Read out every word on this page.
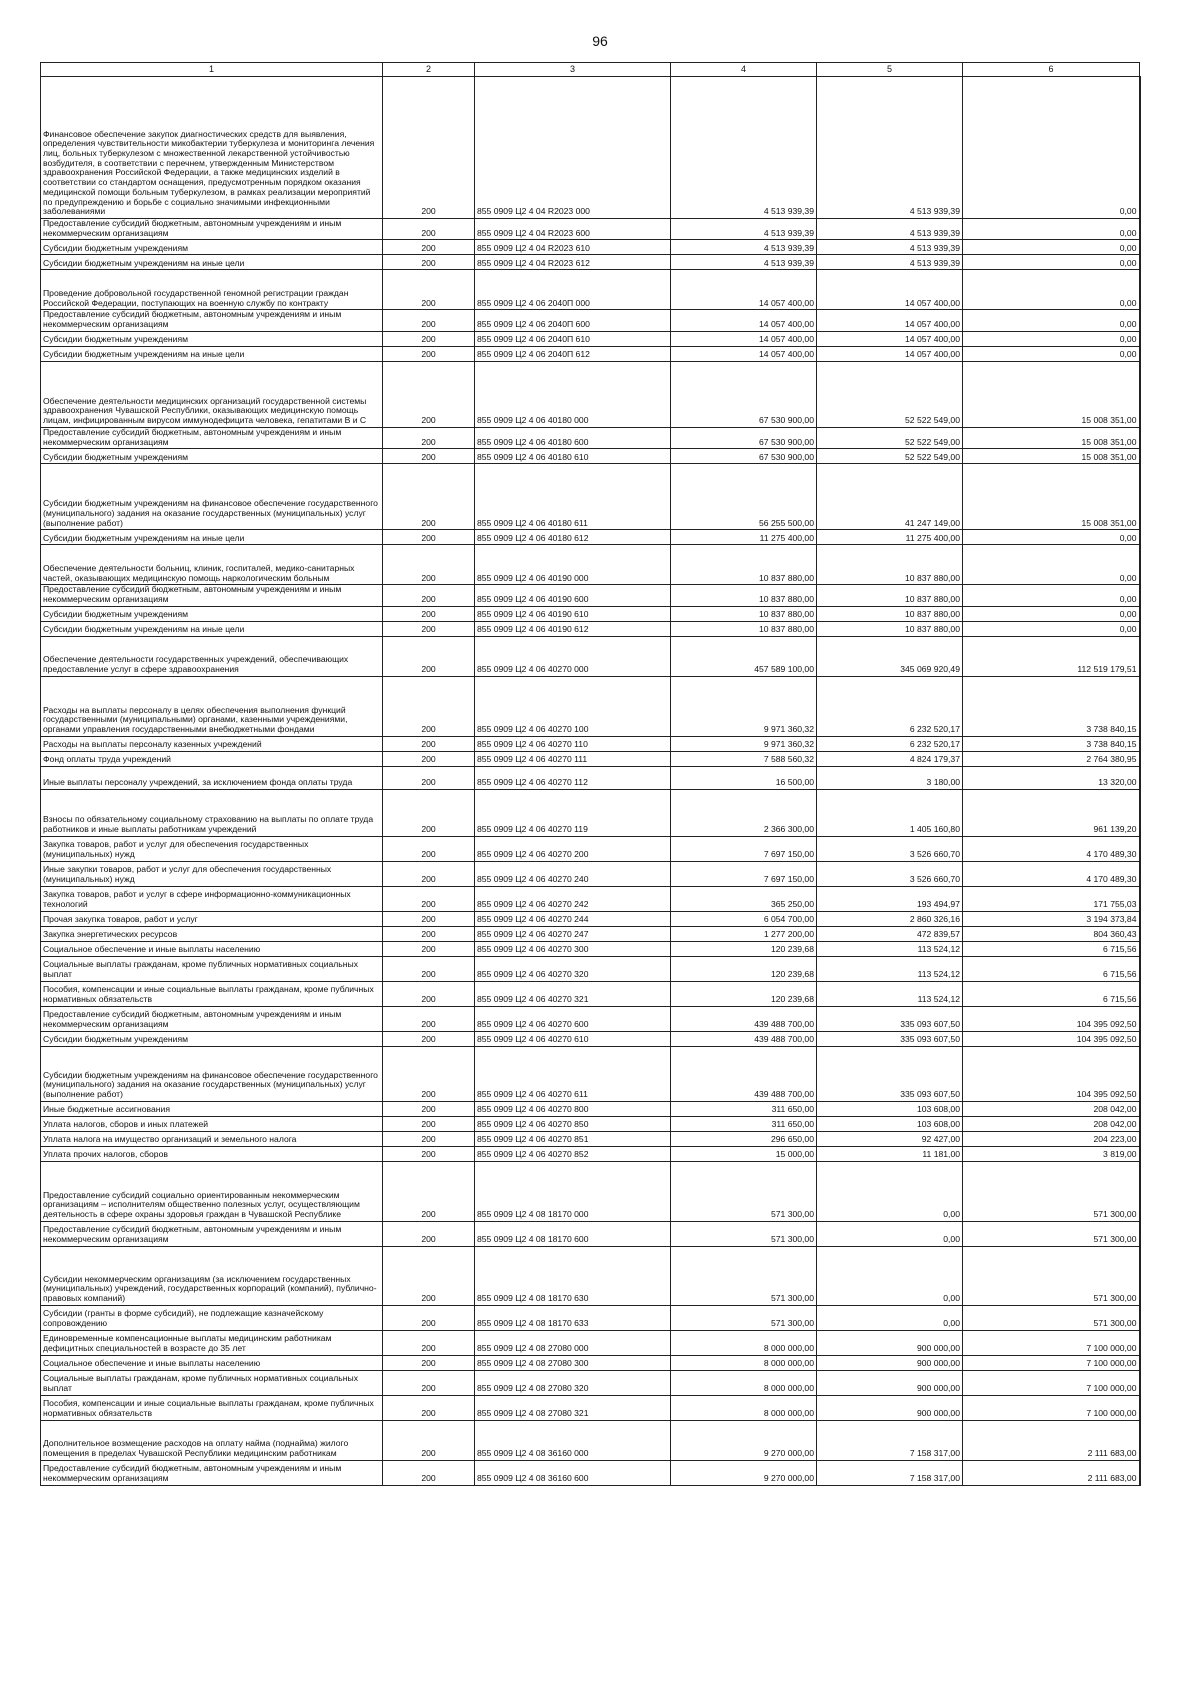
96
1	2	3	4	5	6
Финансовое обеспечение закупок диагностических средств для выявления, определения чувствительности микобактерии туберкулеза и мониторинга лечения лиц, больных туберкулезом с множественной лекарственной устойчивостью возбудителя, в соответствии с перечнем, утвержденным Министерством здравоохранения Российской Федерации, а также медицинских изделий в соответствии со стандартом оснащения, предусмотренным порядком оказания медицинской помощи больным туберкулезом, в рамках реализации мероприятий по предупреждению и борьбе с социально значимыми инфекционными заболеваниями	200	855 0909 Ц2 4 04 R2023 000	4 513 939,39	4 513 939,39	0,00
Предоставление субсидий бюджетным, автономным учреждениям и иным некоммерческим организациям	200	855 0909 Ц2 4 04 R2023 600	4 513 939,39	4 513 939,39	0,00
Субсидии бюджетным учреждениям	200	855 0909 Ц2 4 04 R2023 610	4 513 939,39	4 513 939,39	0,00
Субсидии бюджетным учреждениям на иные цели	200	855 0909 Ц2 4 04 R2023 612	4 513 939,39	4 513 939,39	0,00
Проведение добровольной государственной геномной регистрации граждан Российской Федерации, поступающих на военную службу по контракту	200	855 0909 Ц2 4 06 2040П 000	14 057 400,00	14 057 400,00	0,00
Предоставление субсидий бюджетным, автономным учреждениям и иным некоммерческим организациям	200	855 0909 Ц2 4 06 2040П 600	14 057 400,00	14 057 400,00	0,00
Субсидии бюджетным учреждениям	200	855 0909 Ц2 4 06 2040П 610	14 057 400,00	14 057 400,00	0,00
Субсидии бюджетным учреждениям на иные цели	200	855 0909 Ц2 4 06 2040П 612	14 057 400,00	14 057 400,00	0,00
Обеспечение деятельности медицинских организаций государственной системы здравоохранения Чувашской Республики, оказывающих медицинскую помощь лицам, инфицированным вирусом иммунодефицита человека, гепатитами В и С	200	855 0909 Ц2 4 06 40180 000	67 530 900,00	52 522 549,00	15 008 351,00
Предоставление субсидий бюджетным, автономным учреждениям и иным некоммерческим организациям	200	855 0909 Ц2 4 06 40180 600	67 530 900,00	52 522 549,00	15 008 351,00
Субсидии бюджетным учреждениям	200	855 0909 Ц2 4 06 40180 610	67 530 900,00	52 522 549,00	15 008 351,00
Субсидии бюджетным учреждениям на финансовое обеспечение государственного (муниципального) задания на оказание государственных (муниципальных) услуг (выполнение работ)	200	855 0909 Ц2 4 06 40180 611	56 255 500,00	41 247 149,00	15 008 351,00
Субсидии бюджетным учреждениям на иные цели	200	855 0909 Ц2 4 06 40180 612	11 275 400,00	11 275 400,00	0,00
Обеспечение деятельности больниц, клиник, госпиталей, медико-санитарных частей, оказывающих медицинскую помощь наркологическим больным	200	855 0909 Ц2 4 06 40190 000	10 837 880,00	10 837 880,00	0,00
Предоставление субсидий бюджетным, автономным учреждениям и иным некоммерческим организациям	200	855 0909 Ц2 4 06 40190 600	10 837 880,00	10 837 880,00	0,00
Субсидии бюджетным учреждениям	200	855 0909 Ц2 4 06 40190 610	10 837 880,00	10 837 880,00	0,00
Субсидии бюджетным учреждениям на иные цели	200	855 0909 Ц2 4 06 40190 612	10 837 880,00	10 837 880,00	0,00
Обеспечение деятельности государственных учреждений, обеспечивающих предоставление услуг в сфере здравоохранения	200	855 0909 Ц2 4 06 40270 000	457 589 100,00	345 069 920,49	112 519 179,51
Расходы на выплаты персоналу в целях обеспечения выполнения функций государственными (муниципальными) органами, казенными учреждениями, органами управления государственными внебюджетными фондами	200	855 0909 Ц2 4 06 40270 100	9 971 360,32	6 232 520,17	3 738 840,15
Расходы на выплаты персоналу казенных учреждений	200	855 0909 Ц2 4 06 40270 110	9 971 360,32	6 232 520,17	3 738 840,15
Фонд оплаты труда учреждений	200	855 0909 Ц2 4 06 40270 111	7 588 560,32	4 824 179,37	2 764 380,95
Иные выплаты персоналу учреждений, за исключением фонда оплаты труда	200	855 0909 Ц2 4 06 40270 112	16 500,00	3 180,00	13 320,00
Взносы по обязательному социальному страхованию на выплаты по оплате труда работников и иные выплаты работникам учреждений	200	855 0909 Ц2 4 06 40270 119	2 366 300,00	1 405 160,80	961 139,20
Закупка товаров, работ и услуг для обеспечения государственных (муниципальных) нужд	200	855 0909 Ц2 4 06 40270 200	7 697 150,00	3 526 660,70	4 170 489,30
Иные закупки товаров, работ и услуг для обеспечения государственных (муниципальных) нужд	200	855 0909 Ц2 4 06 40270 240	7 697 150,00	3 526 660,70	4 170 489,30
Закупка товаров, работ и услуг в сфере информационно-коммуникационных технологий	200	855 0909 Ц2 4 06 40270 242	365 250,00	193 494,97	171 755,03
Прочая закупка товаров, работ и услуг	200	855 0909 Ц2 4 06 40270 244	6 054 700,00	2 860 326,16	3 194 373,84
Закупка энергетических ресурсов	200	855 0909 Ц2 4 06 40270 247	1 277 200,00	472 839,57	804 360,43
Социальное обеспечение и иные выплаты населению	200	855 0909 Ц2 4 06 40270 300	120 239,68	113 524,12	6 715,56
Социальные выплаты гражданам, кроме публичных нормативных социальных выплат	200	855 0909 Ц2 4 06 40270 320	120 239,68	113 524,12	6 715,56
Пособия, компенсации и иные социальные выплаты гражданам, кроме публичных нормативных обязательств	200	855 0909 Ц2 4 06 40270 321	120 239,68	113 524,12	6 715,56
Предоставление субсидий бюджетным, автономным учреждениям и иным некоммерческим организациям	200	855 0909 Ц2 4 06 40270 600	439 488 700,00	335 093 607,50	104 395 092,50
Субсидии бюджетным учреждениям	200	855 0909 Ц2 4 06 40270 610	439 488 700,00	335 093 607,50	104 395 092,50
Субсидии бюджетным учреждениям на финансовое обеспечение государственного (муниципального) задания на оказание государственных (муниципальных) услуг (выполнение работ)	200	855 0909 Ц2 4 06 40270 611	439 488 700,00	335 093 607,50	104 395 092,50
Иные бюджетные ассигнования	200	855 0909 Ц2 4 06 40270 800	311 650,00	103 608,00	208 042,00
Уплата налогов, сборов и иных платежей	200	855 0909 Ц2 4 06 40270 850	311 650,00	103 608,00	208 042,00
Уплата налога на имущество организаций и земельного налога	200	855 0909 Ц2 4 06 40270 851	296 650,00	92 427,00	204 223,00
Уплата прочих налогов, сборов	200	855 0909 Ц2 4 06 40270 852	15 000,00	11 181,00	3 819,00
Предоставление субсидий социально ориентированным некоммерческим организациям – исполнителям общественно полезных услуг, осуществляющим деятельность в сфере охраны здоровья граждан в Чувашской Республике	200	855 0909 Ц2 4 08 18170 000	571 300,00	0,00	571 300,00
Предоставление субсидий бюджетным, автономным учреждениям и иным некоммерческим организациям	200	855 0909 Ц2 4 08 18170 600	571 300,00	0,00	571 300,00
Субсидии некоммерческим организациям (за исключением государственных (муниципальных) учреждений, государственных корпораций (компаний), публично-правовых компаний)	200	855 0909 Ц2 4 08 18170 630	571 300,00	0,00	571 300,00
Субсидии (гранты в форме субсидий), не подлежащие казначейскому сопровождению	200	855 0909 Ц2 4 08 18170 633	571 300,00	0,00	571 300,00
Единовременные компенсационные выплаты медицинским работникам дефицитных специальностей в возрасте до 35 лет	200	855 0909 Ц2 4 08 27080 000	8 000 000,00	900 000,00	7 100 000,00
Социальное обеспечение и иные выплаты населению	200	855 0909 Ц2 4 08 27080 300	8 000 000,00	900 000,00	7 100 000,00
Социальные выплаты гражданам, кроме публичных нормативных социальных выплат	200	855 0909 Ц2 4 08 27080 320	8 000 000,00	900 000,00	7 100 000,00
Пособия, компенсации и иные социальные выплаты гражданам, кроме публичных нормативных обязательств	200	855 0909 Ц2 4 08 27080 321	8 000 000,00	900 000,00	7 100 000,00
Дополнительное возмещение расходов на оплату найма (поднайма) жилого помещения в пределах Чувашской Республики медицинским работникам	200	855 0909 Ц2 4 08 36160 000	9 270 000,00	7 158 317,00	2 111 683,00
Предоставление субсидий бюджетным, автономным учреждениям и иным некоммерческим организациям	200	855 0909 Ц2 4 08 36160 600	9 270 000,00	7 158 317,00	2 111 683,00
